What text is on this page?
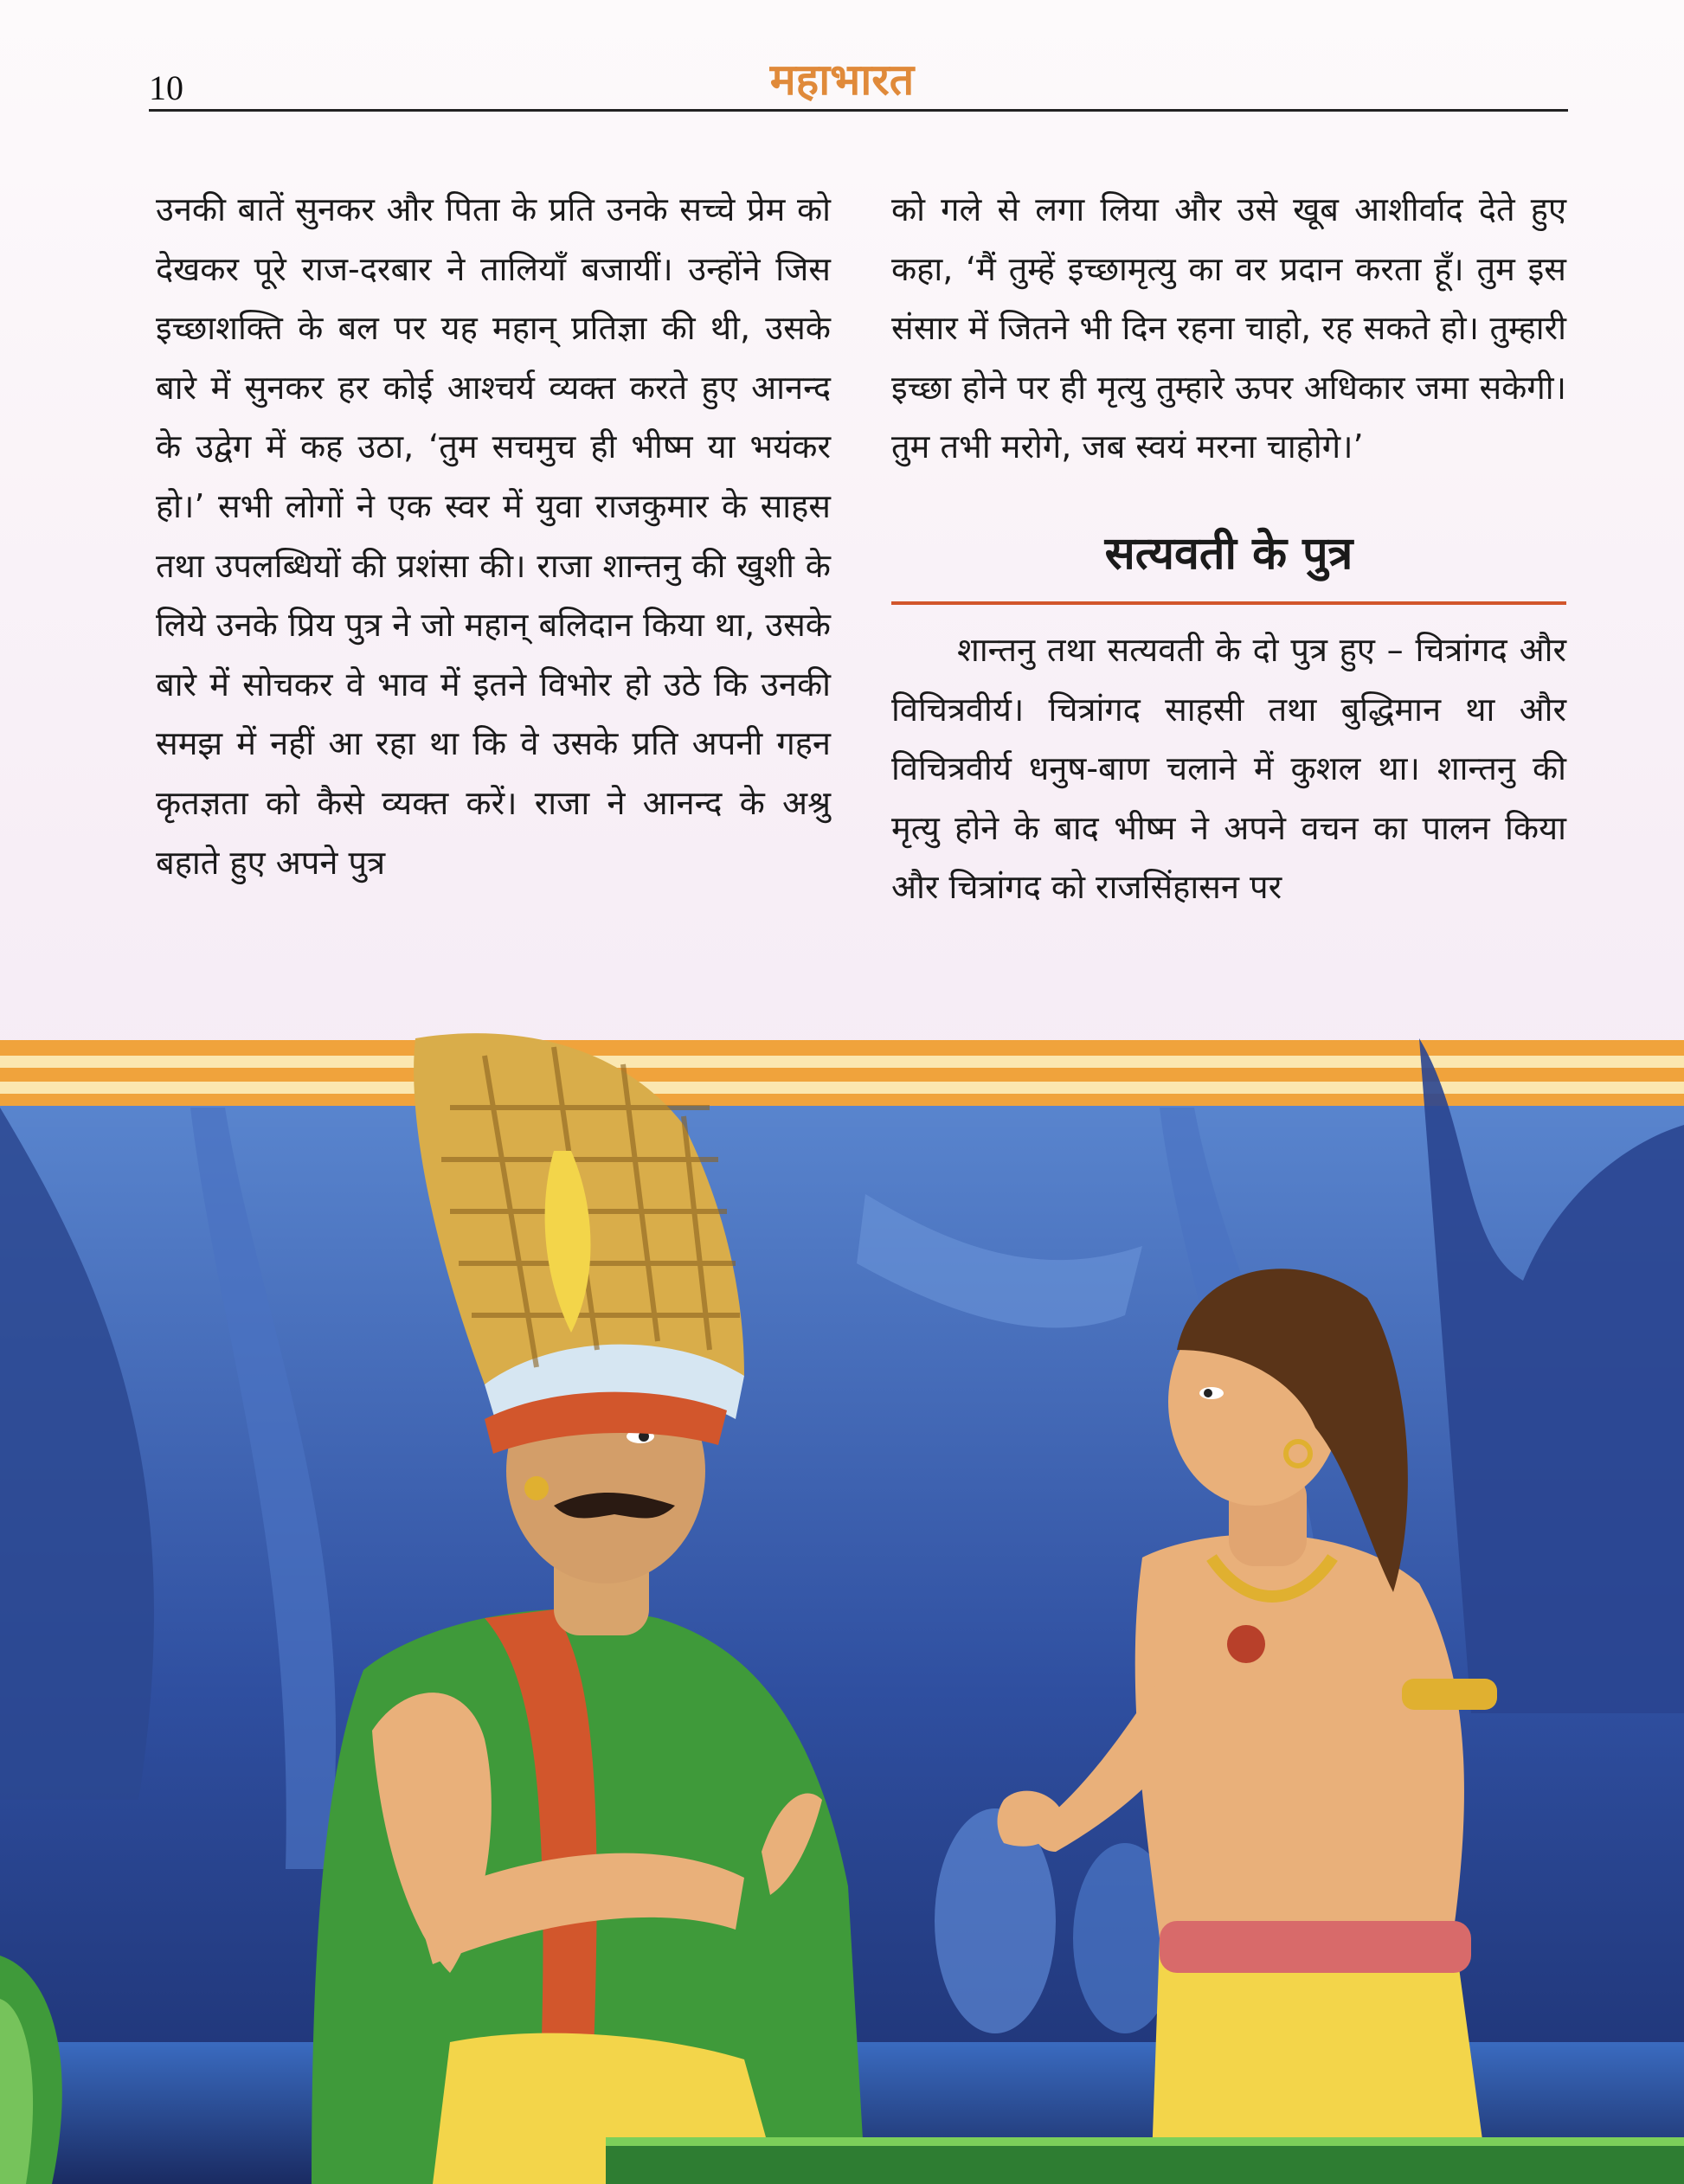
10	महाभारत

उनकी बातें सुनकर और पिता के प्रति उनके सच्चे प्रेम को देखकर पूरे राज-दरबार ने तालियाँ बजायीं। उन्होंने जिस इच्छाशक्ति के बल पर यह महान् प्रतिज्ञा की थी, उसके बारे में सुनकर हर कोई आश्चर्य व्यक्त करते हुए आनन्द के उद्वेग में कह उठा, ‘तुम सचमुच ही भीष्म या भयंकर हो।’ सभी लोगों ने एक स्वर में युवा राजकुमार के साहस तथा उपलब्धियों की प्रशंसा की। राजा शान्तनु की खुशी के लिये उनके प्रिय पुत्र ने जो महान् बलिदान किया था, उसके बारे में सोचकर वे भाव में इतने विभोर हो उठे कि उनकी समझ में नहीं आ रहा था कि वे उसके प्रति अपनी गहन कृतज्ञता को कैसे व्यक्त करें। राजा ने आनन्द के अश्रु बहाते हुए अपने पुत्र

को गले से लगा लिया और उसे खूब आशीर्वाद देते हुए कहा, ‘मैं तुम्हें इच्छामृत्यु का वर प्रदान करता हूँ। तुम इस संसार में जितने भी दिन रहना चाहो, रह सकते हो। तुम्हारी इच्छा होने पर ही मृत्यु तुम्हारे ऊपर अधिकार जमा सकेगी। तुम तभी मरोगे, जब स्वयं मरना चाहोगे।’

सत्यवती के पुत्र

शान्तनु तथा सत्यवती के दो पुत्र हुए – चित्रांगद और विचित्रवीर्य। चित्रांगद साहसी तथा बुद्धिमान था और विचित्रवीर्य धनुष-बाण चलाने में कुशल था। शान्तनु की मृत्यु होने के बाद भीष्म ने अपने वचन का पालन किया और चित्रांगद को राजसिंहासन पर
